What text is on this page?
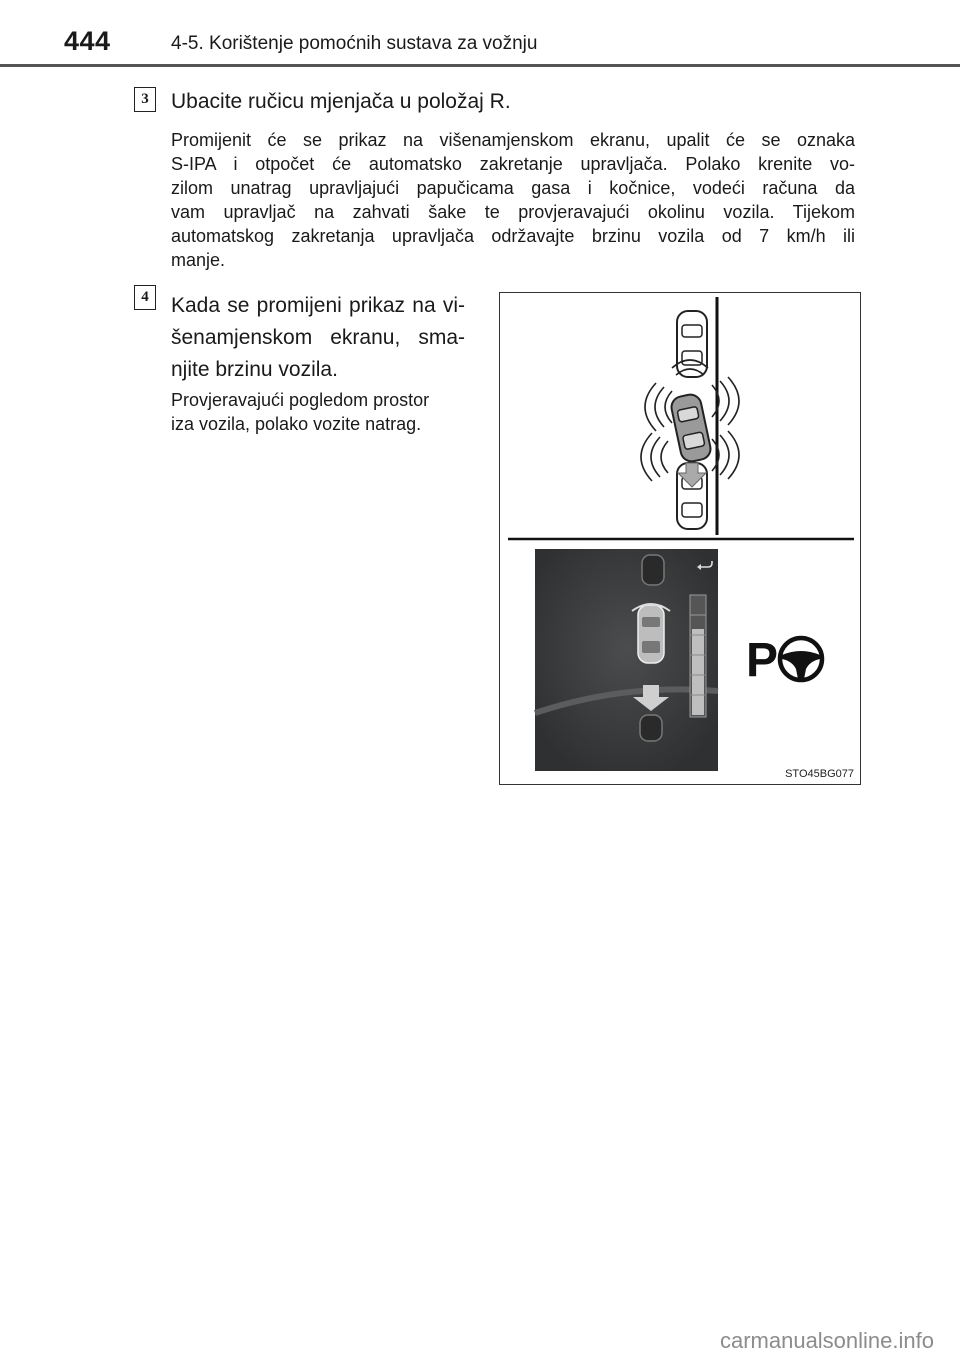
444	4-5. Korištenje pomoćnih sustava za vožnju
3	Ubacite ručicu mjenjača u položaj R.
Promijenit će se prikaz na višenamjenskom ekranu, upalit će se oznaka
S-IPA i otpočet će automatsko zakretanje upravljača. Polako krenite vo-
zilom unatrag upravljajući papučicama gasa i kočnice, vodeći računa da
vam upravljač na zahvati šake te provjeravajući okolinu vozila. Tijekom
automatskog zakretanja upravljača održavajte brzinu vozila od 7 km/h ili
manje.
4	Kada se promijeni prikaz na vi-
šenamjenskom ekranu, sma-
njite brzinu vozila.
Provjeravajući pogledom prostor
iza vozila, polako vozite natrag.
P
STO45BG077
carmanualsonline.info
